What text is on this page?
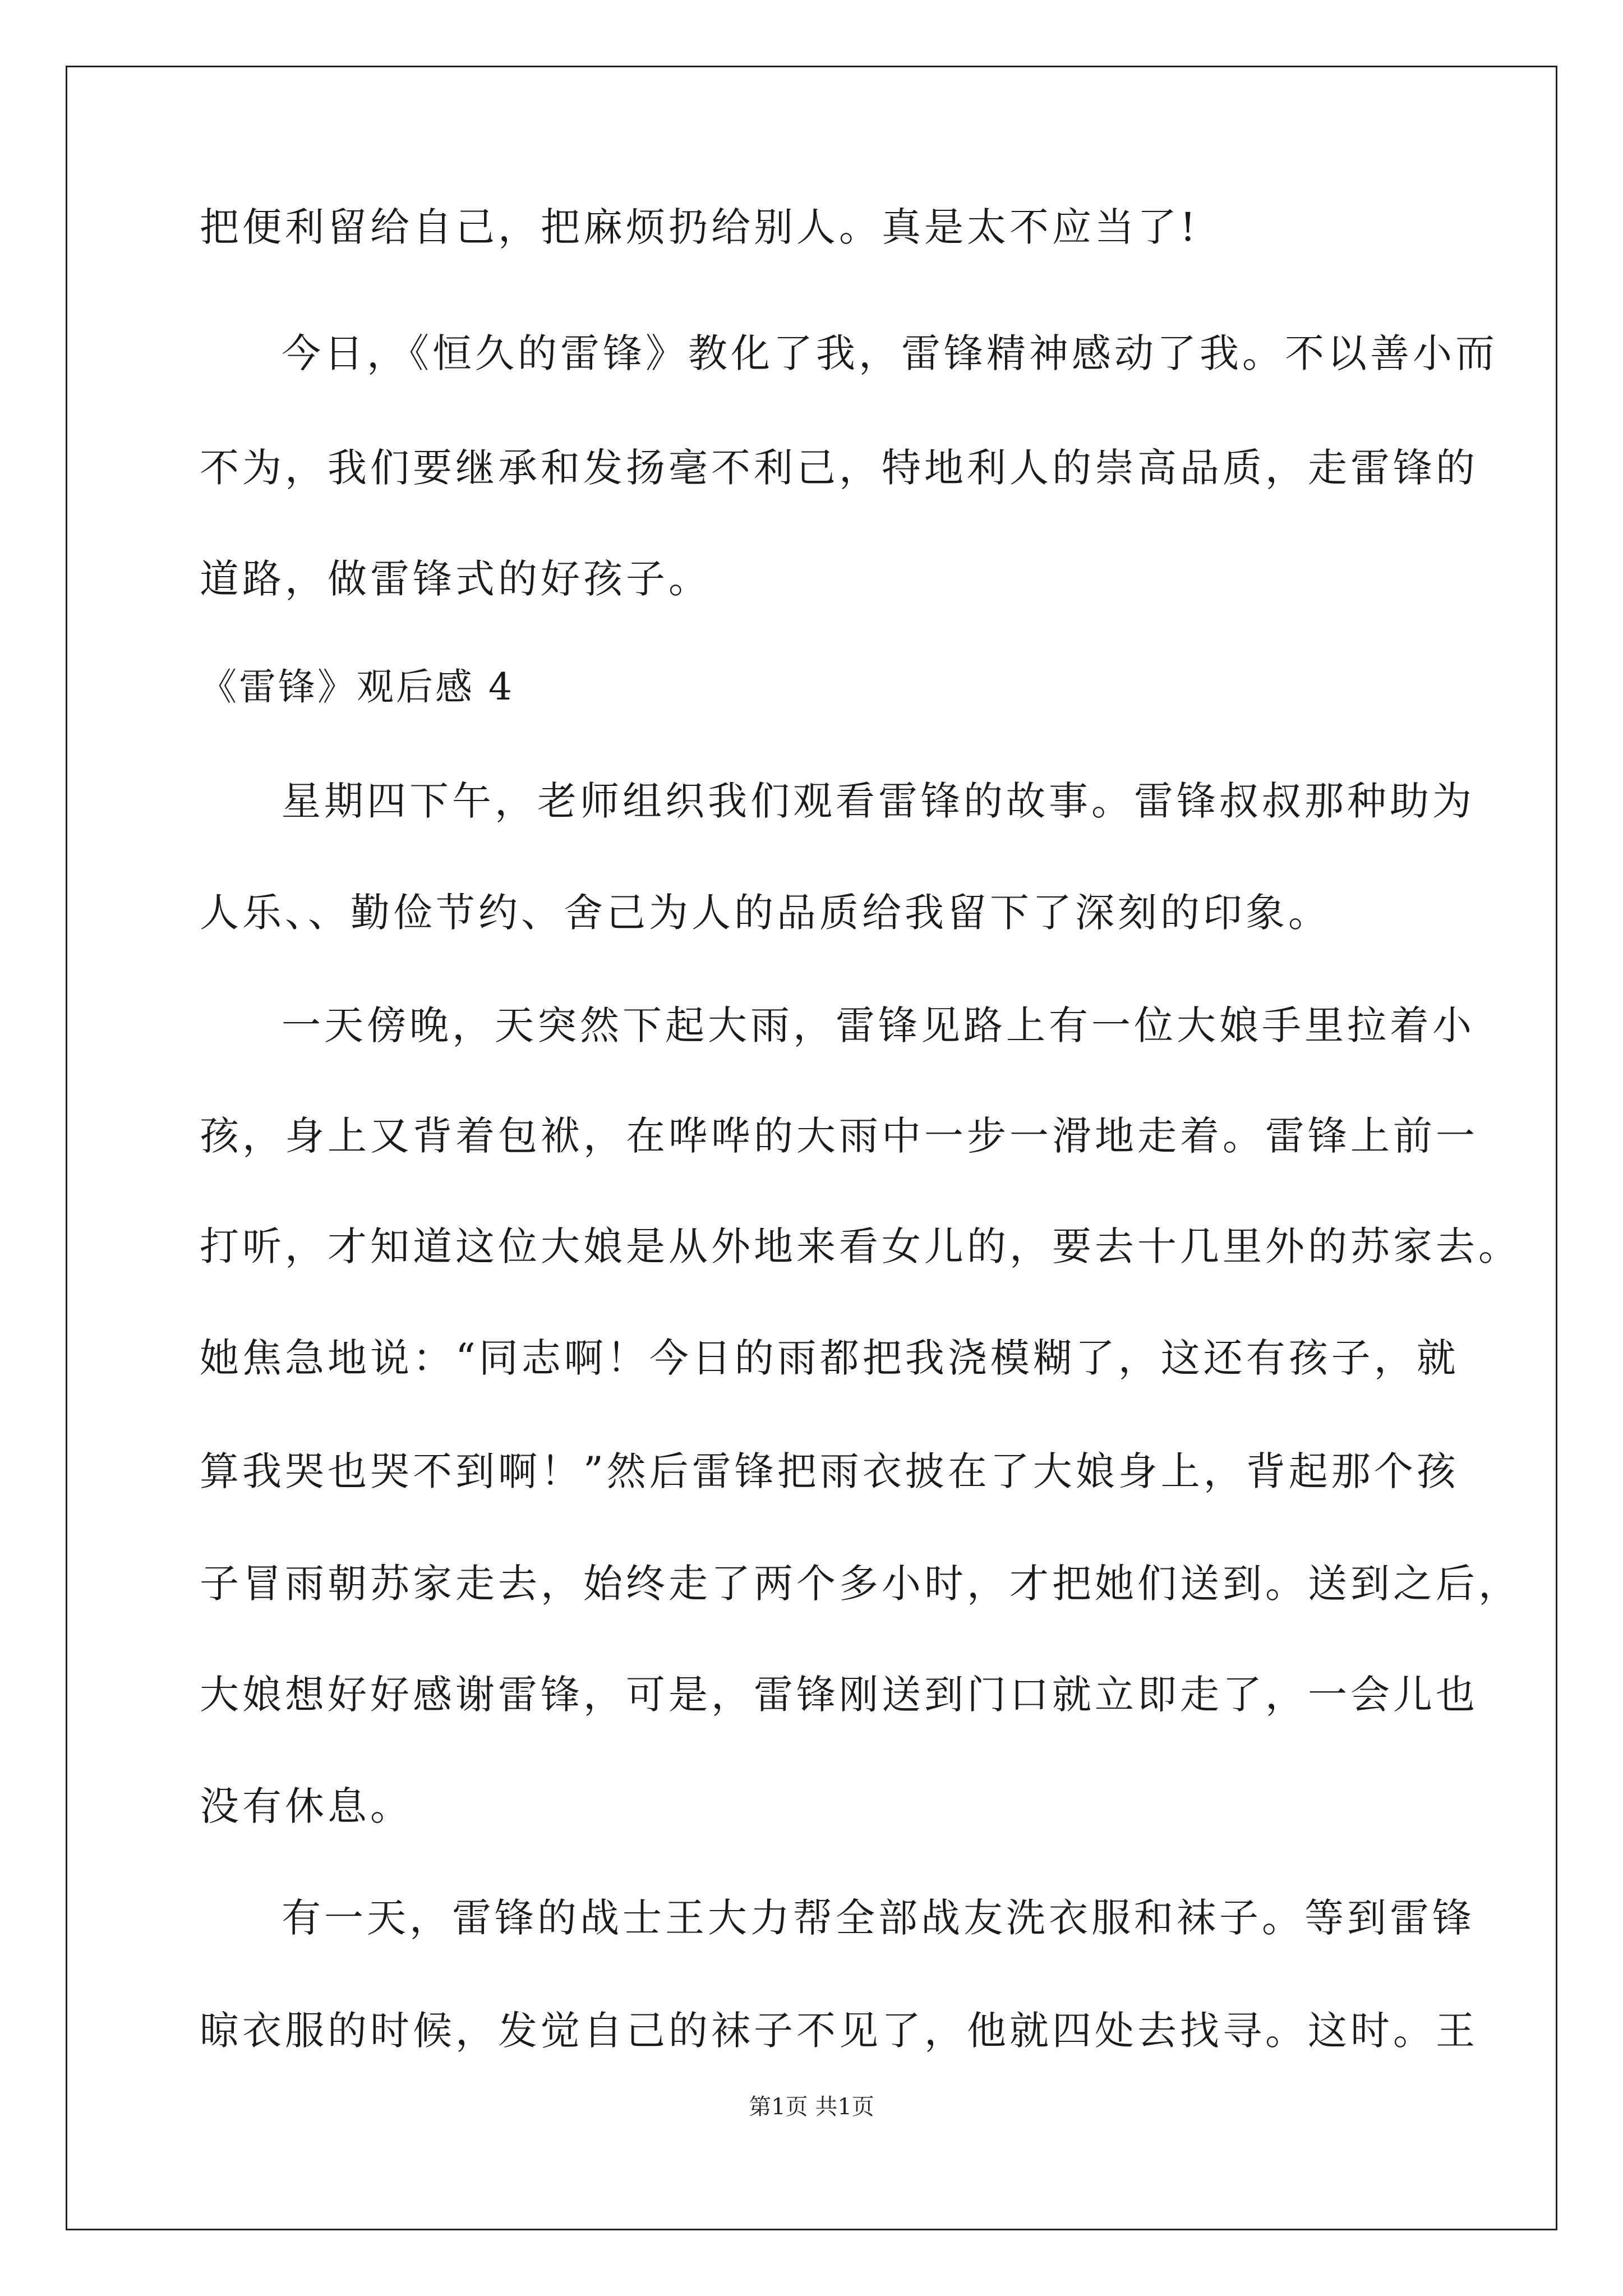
把便利留给自己，把麻烦扔给别人。真是太不应当了!
今日，《恒久的雷锋》教化了我，雷锋精神感动了我。不以善小而
不为，我们要继承和发扬毫不利己，特地利人的崇高品质，走雷锋的
道路，做雷锋式的好孩子。
《雷锋》观后感 4
星期四下午，老师组织我们观看雷锋的故事。雷锋叔叔那种助为
人乐、、勤俭节约、舍己为人的品质给我留下了深刻的印象。
一天傍晚，天突然下起大雨，雷锋见路上有一位大娘手里拉着小
孩，身上又背着包袱，在哗哗的大雨中一步一滑地走着。雷锋上前一
打听，才知道这位大娘是从外地来看女儿的，要去十几里外的苏家去。
她焦急地说：“同志啊！今日的雨都把我浇模糊了，这还有孩子，就
算我哭也哭不到啊！”然后雷锋把雨衣披在了大娘身上，背起那个孩
子冒雨朝苏家走去，始终走了两个多小时，才把她们送到。送到之后，
大娘想好好感谢雷锋，可是，雷锋刚送到门口就立即走了，一会儿也
没有休息。
有一天，雷锋的战士王大力帮全部战友洗衣服和袜子。等到雷锋
晾衣服的时候，发觉自己的袜子不见了，他就四处去找寻。这时。王
第1页 共1页
